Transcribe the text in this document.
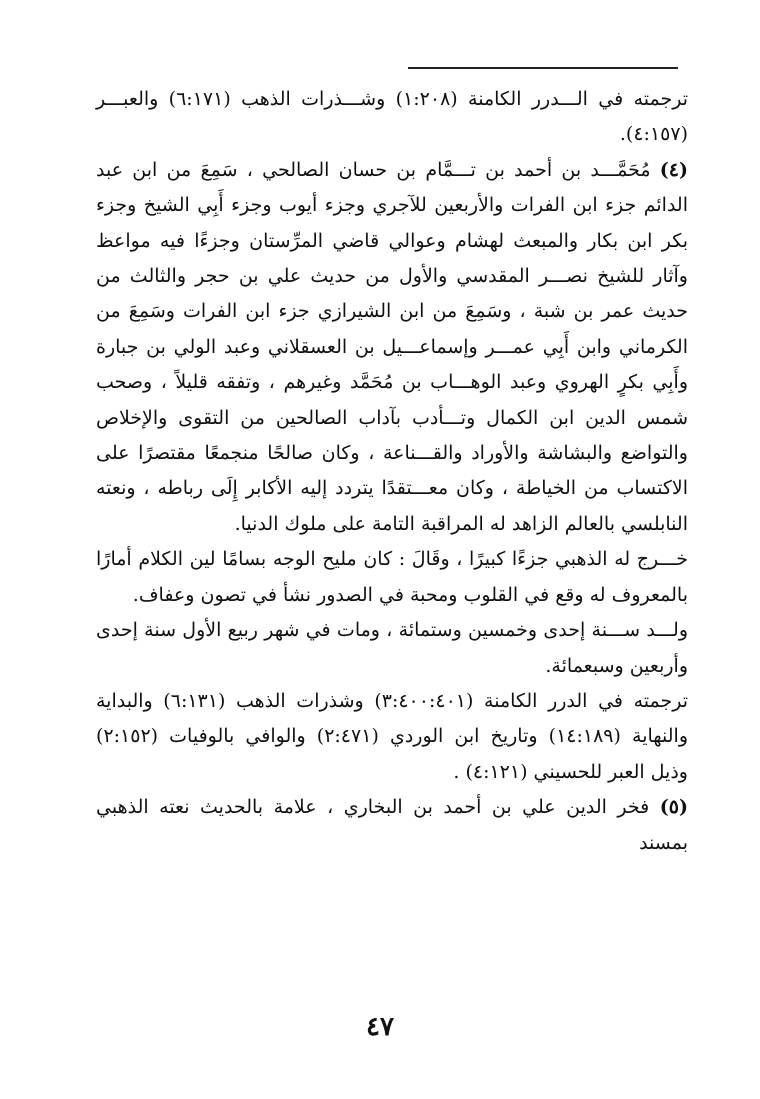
ترجمته في الـــدرر الكامنة (١:٢٠٨) وشـــذرات الذهب (٦:١٧١) والعبـــر (٤:١٥٧).

(٤) مُحَمَّـــد بن أحمد بن تـــمَّام بن حسان الصالحي ، سَمِعَ من ابن عبد الدائم جزء ابن الفرات والأربعين للآجري وجزء أيوب وجزء أَبِي الشيخ وجزء بكر ابن بكار والمبعث لهشام وعوالي قاضي المرِّستان وجزءًا فيه مواعظ وآثار للشيخ نصـــر المقدسي والأول من حديث علي بن حجر والثالث من حديث عمر بن شبة ، وسَمِعَ من ابن الشيرازي جزء ابن الفرات وسَمِعَ من الكرماني وابن أَبِي عمـــر وإسماعـــيل بن العسقلاني وعبد الولي بن جبارة وأَبِي بكرٍ الهروي وعبد الوهـــاب بن مُحَمَّد وغيرهم ، وتفقه قليلاً ، وصحب شمس الدين ابن الكمال وتـــأدب بآداب الصالحين من التقوى والإخلاص والتواضع والبشاشة والأوراد والقـــناعة ، وكان صالحًا منجمعًا مقتصرًا على الاكتساب من الخياطة ، وكان معـــتقدًا يتردد إليه الأكابر إِلَى رباطه ، ونعته النابلسي بالعالم الزاهد له المراقبة التامة على ملوك الدنيا.

خـــرج له الذهبي جزءًا كبيرًا ، وقَالَ : كان مليح الوجه بسامًا لين الكلام أمارًا بالمعروف له وقع في القلوب ومحبة في الصدور نشأ في تصون وعفاف.

ولـــد ســـنة إحدى وخمسين وستمائة ، ومات في شهر ربيع الأول سنة إحدى وأربعين وسبعمائة.

ترجمته في الدرر الكامنة (٣:٤٠٠:٤٠١) وشذرات الذهب (٦:١٣١) والبداية والنهاية (١٤:١٨٩) وتاريخ ابن الوردي (٢:٤٧١) والوافي بالوفيات (٢:١٥٢) وذيل العبر للحسيني (٤:١٢١) .

(٥) فخر الدين علي بن أحمد بن البخاري ، علامة بالحديث نعته الذهبي بمسند

٤٧
